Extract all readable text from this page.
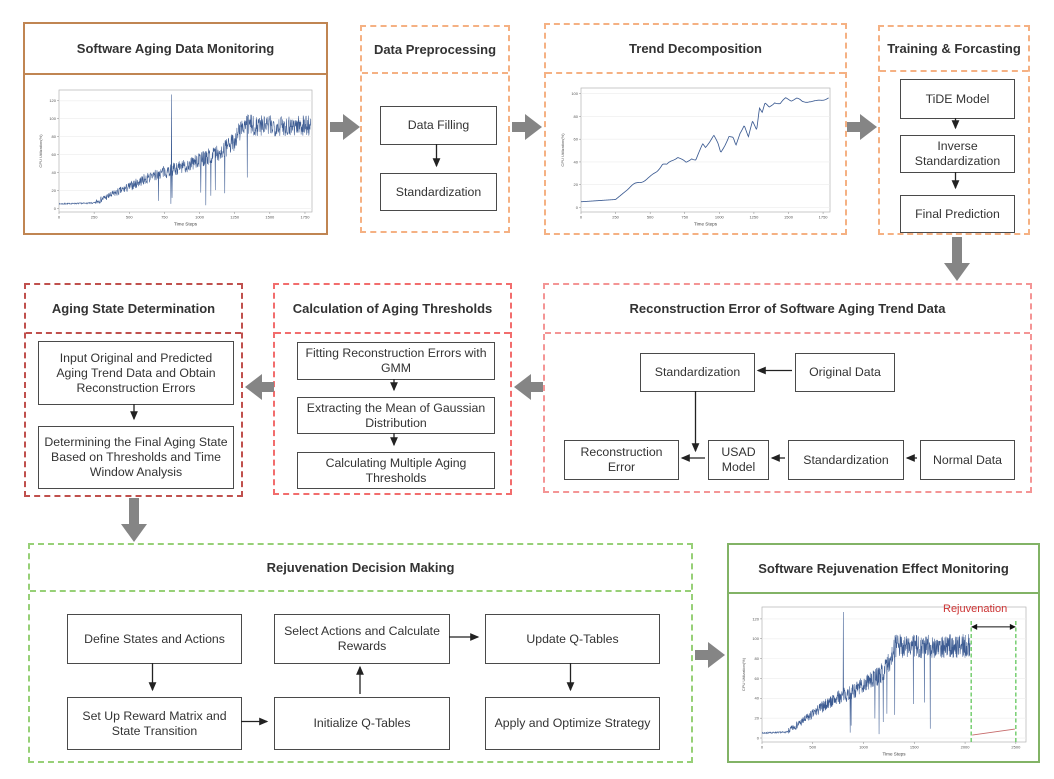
Software Aging Data Monitoring
0
20
40
60
80
100
120
0	250	500	750	1000	1250	1500	1750
Time Steps
CPU Utilization(%)
Data Preprocessing
Data Filling
Standardization
Trend Decomposition
0
20
40
60
80
100
0	250	500	750	1000	1250	1500	1750
Time Steps
CPU Utilization(%)
Training & Forcasting
TiDE Model
Inverse Standardization
Final Prediction
Reconstruction Error of Software Aging Trend Data
Standardization	Original Data
Reconstruction Error
USAD Model
Standardization	Normal Data
Calculation of Aging Thresholds
Fitting Reconstruction Errors with GMM
Extracting the Mean of Gaussian Distribution
Calculating Multiple Aging Thresholds
Aging State Determination
Input Original and Predicted Aging Trend Data and Obtain Reconstruction Errors
Determining the Final Aging State Based on Thresholds and Time Window Analysis
Rejuvenation Decision Making
Define States and Actions
Select Actions and Calculate Rewards
Update Q-Tables
Set Up Reward Matrix and State Transition
Initialize Q-Tables	Apply and Optimize Strategy
Software Rejuvenation Effect Monitoring
Rejuvenation
0
20
40
60
80
100
120
0	500	1000	1500	2000	2500
Time Steps
CPU Utilization(%)
